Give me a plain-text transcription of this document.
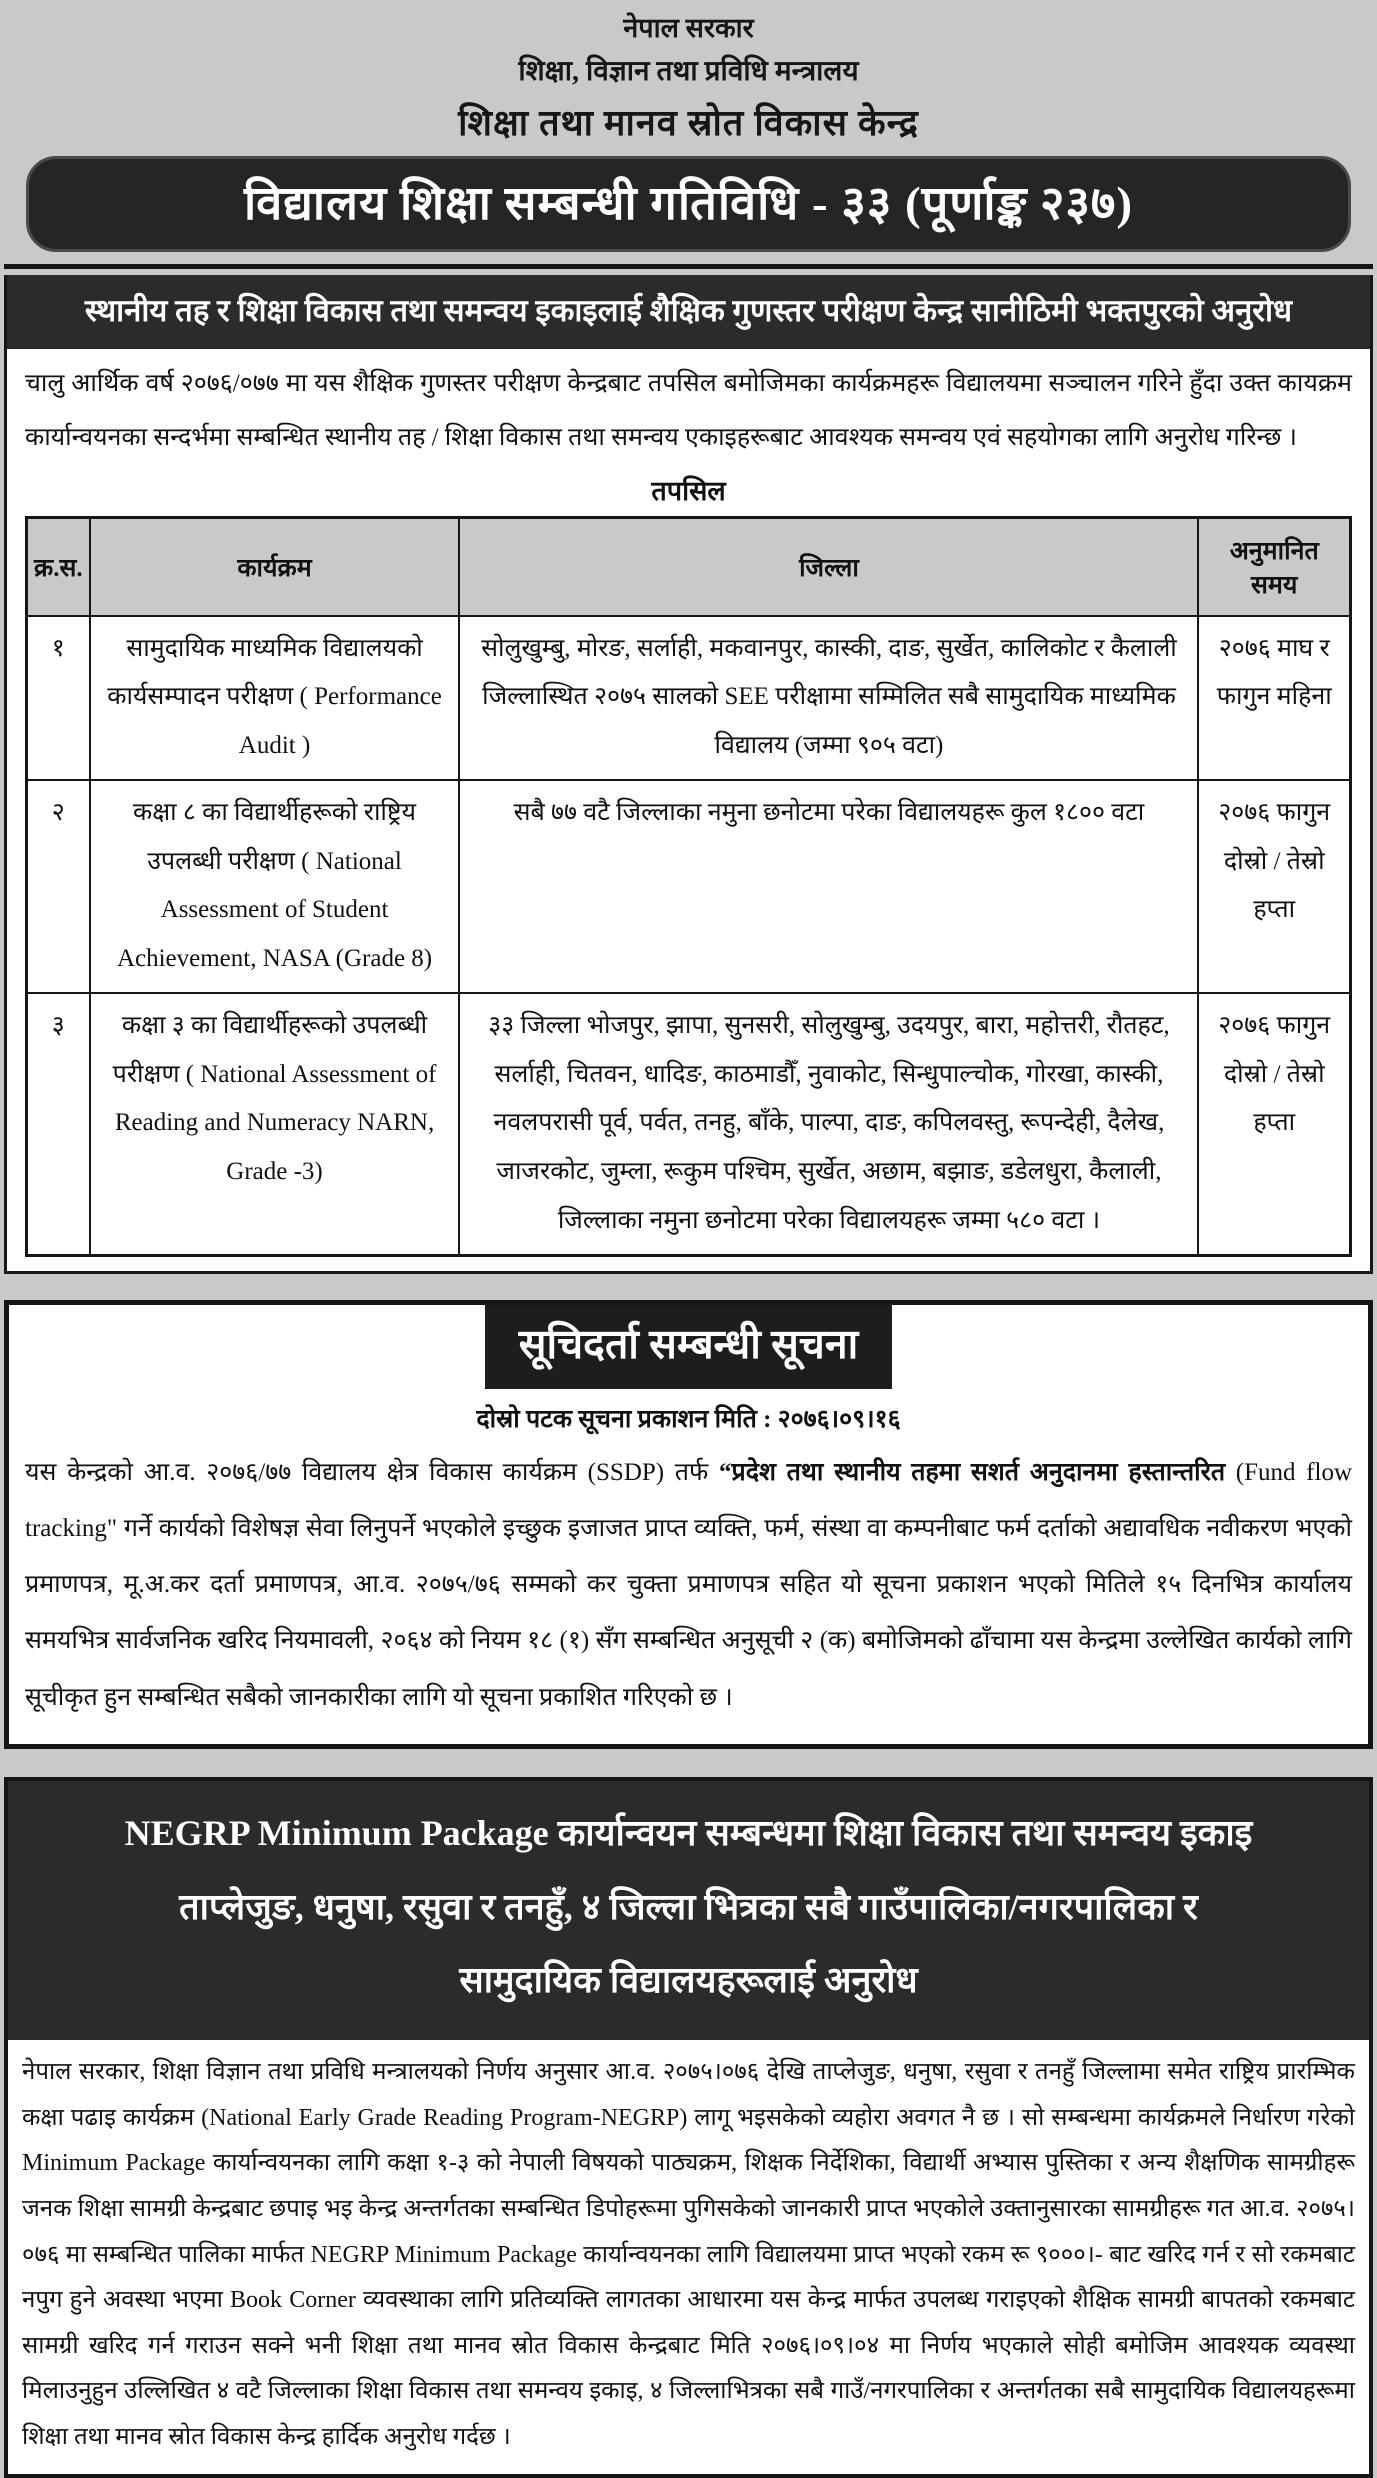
नेपाल सरकार
शिक्षा, विज्ञान तथा प्रविधि मन्त्रालय
शिक्षा तथा मानव स्रोत विकास केन्द्र
विद्यालय शिक्षा सम्बन्धी गतिविधि - ३३ (पूर्णाङ्क २३७)
स्थानीय तह र शिक्षा विकास तथा समन्वय इकाइलाई शैक्षिक गुणस्तर परीक्षण केन्द्र सानीठिमी भक्तपुरको अनुरोध
चालु आर्थिक वर्ष २०७६/०७७ मा यस शैक्षिक गुणस्तर परीक्षण केन्द्रबाट तपसिल बमोजिमका कार्यक्रमहरू विद्यालयमा सञ्चालन गरिने हुँदा उक्त कायक्रम कार्यान्वयनका सन्दर्भमा सम्बन्धित स्थानीय तह / शिक्षा विकास तथा समन्वय एकाइहरूबाट आवश्यक समन्वय एवं सहयोगका लागि अनुरोध गरिन्छ ।
तपसिल
क्र.स.	कार्यक्रम	जिल्ला	अनुमानित समय
१	सामुदायिक माध्यमिक विद्यालयको कार्यसम्पादन परीक्षण ( Performance Audit )	सोलुखुम्बु, मोरङ, सर्लाही, मकवानपुर, कास्की, दाङ, सुर्खेत, कालिकोट र कैलाली जिल्लास्थित २०७५ सालको SEE परीक्षामा सम्मिलित सबै सामुदायिक माध्यमिक विद्यालय (जम्मा ९०५ वटा)	२०७६ माघ र फागुन महिना
२	कक्षा ८ का विद्यार्थीहरूको राष्ट्रिय उपलब्धी परीक्षण ( National Assessment of Student Achievement, NASA (Grade 8)	सबै ७७ वटै जिल्लाका नमुना छनोटमा परेका विद्यालयहरू कुल १८०० वटा	२०७६ फागुन दोस्रो / तेस्रो हप्ता
३	कक्षा ३ का विद्यार्थीहरूको उपलब्धी परीक्षण ( National Assessment of Reading and Numeracy NARN, Grade -3)	३३ जिल्ला भोजपुर, झापा, सुनसरी, सोलुखुम्बु, उदयपुर, बारा, महोत्तरी, रौतहट, सर्लाही, चितवन, धादिङ, काठमाडौँ, नुवाकोट, सिन्धुपाल्चोक, गोरखा, कास्की, नवलपरासी पूर्व, पर्वत, तनहु, बाँके, पाल्पा, दाङ, कपिलवस्तु, रूपन्देही, दैलेख, जाजरकोट, जुम्ला, रूकुम पश्चिम, सुर्खेत, अछाम, बझाङ, डडेलधुरा, कैलाली, जिल्लाका नमुना छनोटमा परेका विद्यालयहरू जम्मा ५८० वटा ।	२०७६ फागुन दोस्रो / तेस्रो हप्ता
सूचिदर्ता सम्बन्धी सूचना
दोस्रो पटक सूचना प्रकाशन मिति : २०७६।०९।१६
यस केन्द्रको आ.व. २०७६/७७ विद्यालय क्षेत्र विकास कार्यक्रम (SSDP) तर्फ “प्रदेश तथा स्थानीय तहमा सशर्त अनुदानमा हस्तान्तरित (Fund flow tracking" गर्ने कार्यको विशेषज्ञ सेवा लिनुपर्ने भएकोले इच्छुक इजाजत प्राप्त व्यक्ति, फर्म, संस्था वा कम्पनीबाट फर्म दर्ताको अद्यावधिक नवीकरण भएको प्रमाणपत्र, मू.अ.कर दर्ता प्रमाणपत्र, आ.व. २०७५/७६ सम्मको कर चुक्ता प्रमाणपत्र सहित यो सूचना प्रकाशन भएको मितिले १५ दिनभित्र कार्यालय समयभित्र सार्वजनिक खरिद नियमावली, २०६४ को नियम १८ (१) सँग सम्बन्धित अनुसूची २ (क) बमोजिमको ढाँचामा यस केन्द्रमा उल्लेखित कार्यको लागि सूचीकृत हुन सम्बन्धित सबैको जानकारीका लागि यो सूचना प्रकाशित गरिएको छ ।
NEGRP Minimum Package कार्यान्वयन सम्बन्धमा शिक्षा विकास तथा समन्वय इकाइ
ताप्लेजुङ, धनुषा, रसुवा र तनहुँ, ४ जिल्ला भित्रका सबै गाउँपालिका/नगरपालिका र
सामुदायिक विद्यालयहरूलाई अनुरोध
नेपाल सरकार, शिक्षा विज्ञान तथा प्रविधि मन्त्रालयको निर्णय अनुसार आ.व. २०७५।०७६ देखि ताप्लेजुङ, धनुषा, रसुवा र तनहुँ जिल्लामा समेत राष्ट्रिय प्रारम्भिक कक्षा पढाइ कार्यक्रम (National Early Grade Reading Program-NEGRP) लागू भइसकेको व्यहोरा अवगत नै छ । सो सम्बन्धमा कार्यक्रमले निर्धारण गरेको Minimum Package कार्यान्वयनका लागि कक्षा १-३ को नेपाली विषयको पाठ्यक्रम, शिक्षक निर्देशिका, विद्यार्थी अभ्यास पुस्तिका र अन्य शैक्षणिक सामग्रीहरू जनक शिक्षा सामग्री केन्द्रबाट छपाइ भइ केन्द्र अन्तर्गतका सम्बन्धित डिपोहरूमा पुगिसकेको जानकारी प्राप्त भएकोले उक्तानुसारका सामग्रीहरू गत आ.व. २०७५।०७६ मा सम्बन्धित पालिका मार्फत NEGRP Minimum Package कार्यान्वयनका लागि विद्यालयमा प्राप्त भएको रकम रू ९०००।- बाट खरिद गर्न र सो रकमबाट नपुग हुने अवस्था भएमा Book Corner व्यवस्थाका लागि प्रतिव्यक्ति लागतका आधारमा यस केन्द्र मार्फत उपलब्ध गराइएको शैक्षिक सामग्री बापतको रकमबाट सामग्री खरिद गर्न गराउन सक्ने भनी शिक्षा तथा मानव स्रोत विकास केन्द्रबाट मिति २०७६।०९।०४ मा निर्णय भएकाले सोही बमोजिम आवश्यक व्यवस्था मिलाउनुहुन उल्लिखित ४ वटै जिल्लाका शिक्षा विकास तथा समन्वय इकाइ, ४ जिल्लाभित्रका सबै गाउँ/नगरपालिका र अन्तर्गतका सबै सामुदायिक विद्यालयहरूमा शिक्षा तथा मानव स्रोत विकास केन्द्र हार्दिक अनुरोध गर्दछ ।
